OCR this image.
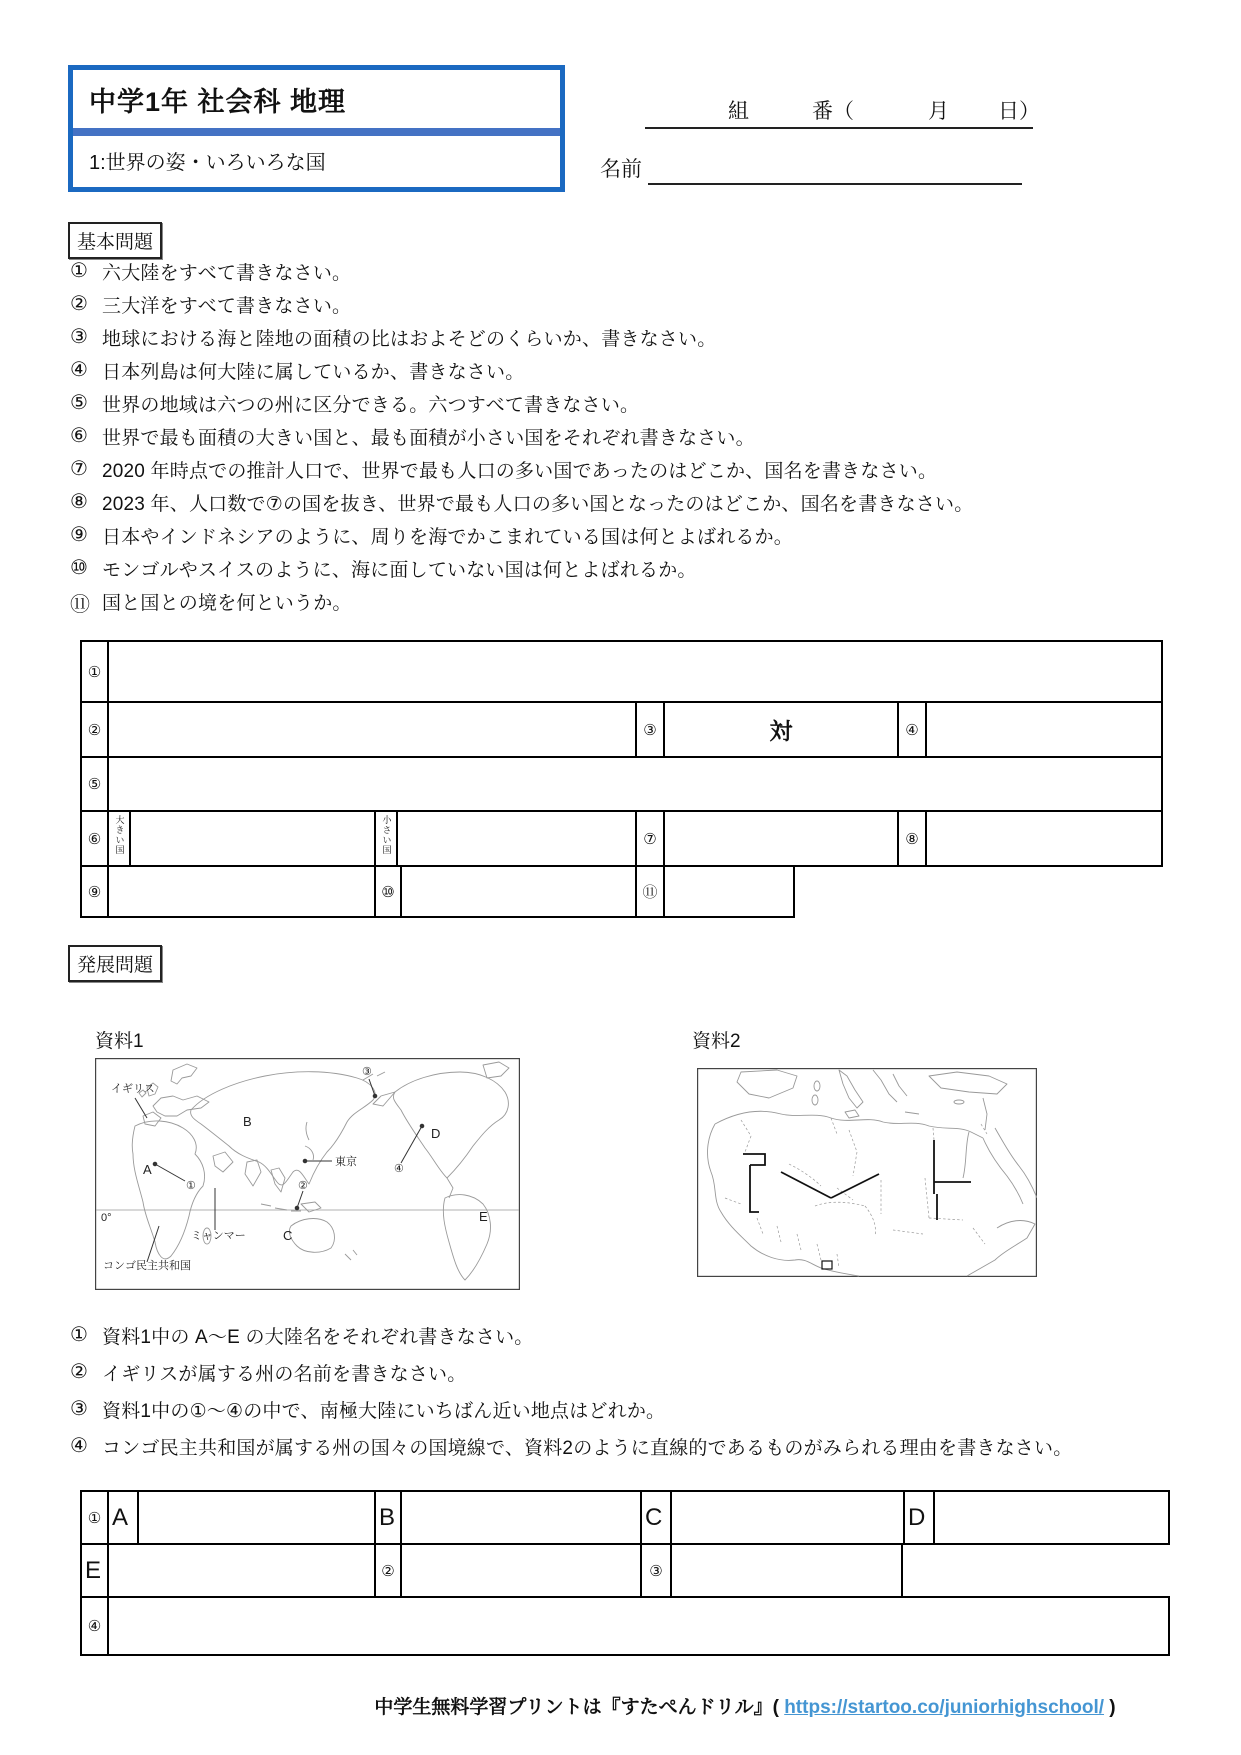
中学1年 社会科 地理
1:世界の姿・いろいろな国
組	番（	月 日）
名前
基本問題
① 六大陸をすべて書きなさい。
② 三大洋をすべて書きなさい。
③ 地球における海と陸地の面積の比はおよそどのくらいか、書きなさい。
④ 日本列島は何大陸に属しているか、書きなさい。
⑤ 世界の地域は六つの州に区分できる。六つすべて書きなさい。
⑥ 世界で最も面積の大きい国と、最も面積が小さい国をそれぞれ書きなさい。
⑦ 2020 年時点での推計人口で、世界で最も人口の多い国であったのはどこか、国名を書きなさい。
⑧ 2023 年、人口数で⑦の国を抜き、世界で最も人口の多い国となったのはどこか、国名を書きなさい。
⑨ 日本やインドネシアのように、周りを海でかこまれている国は何とよばれるか。
⑩ モンゴルやスイスのように、海に面していない国は何とよばれるか。
⑪ 国と国との境を何というか。
①
②	③	対	④
⑤
⑥	大きい国	小さい国	⑦	⑧
⑨	⑩	⑪
発展問題
資料1	資料2
イギリス
B
③
D
東京
④
A
①	②
0°
ミャンマー	C
E
コンゴ民主共和国
① 資料1中の A～E の大陸名をそれぞれ書きなさい。
② イギリスが属する州の名前を書きなさい。
③ 資料1中の①～④の中で、南極大陸にいちばん近い地点はどれか。
④ コンゴ民主共和国が属する州の国々の国境線で、資料2のように直線的であるものがみられる理由を書きなさい。
① A	B	C	D
E	②	③
④
中学生無料学習プリントは『すたぺんドリル』( https://startoo.co/juniorhighschool/ )
